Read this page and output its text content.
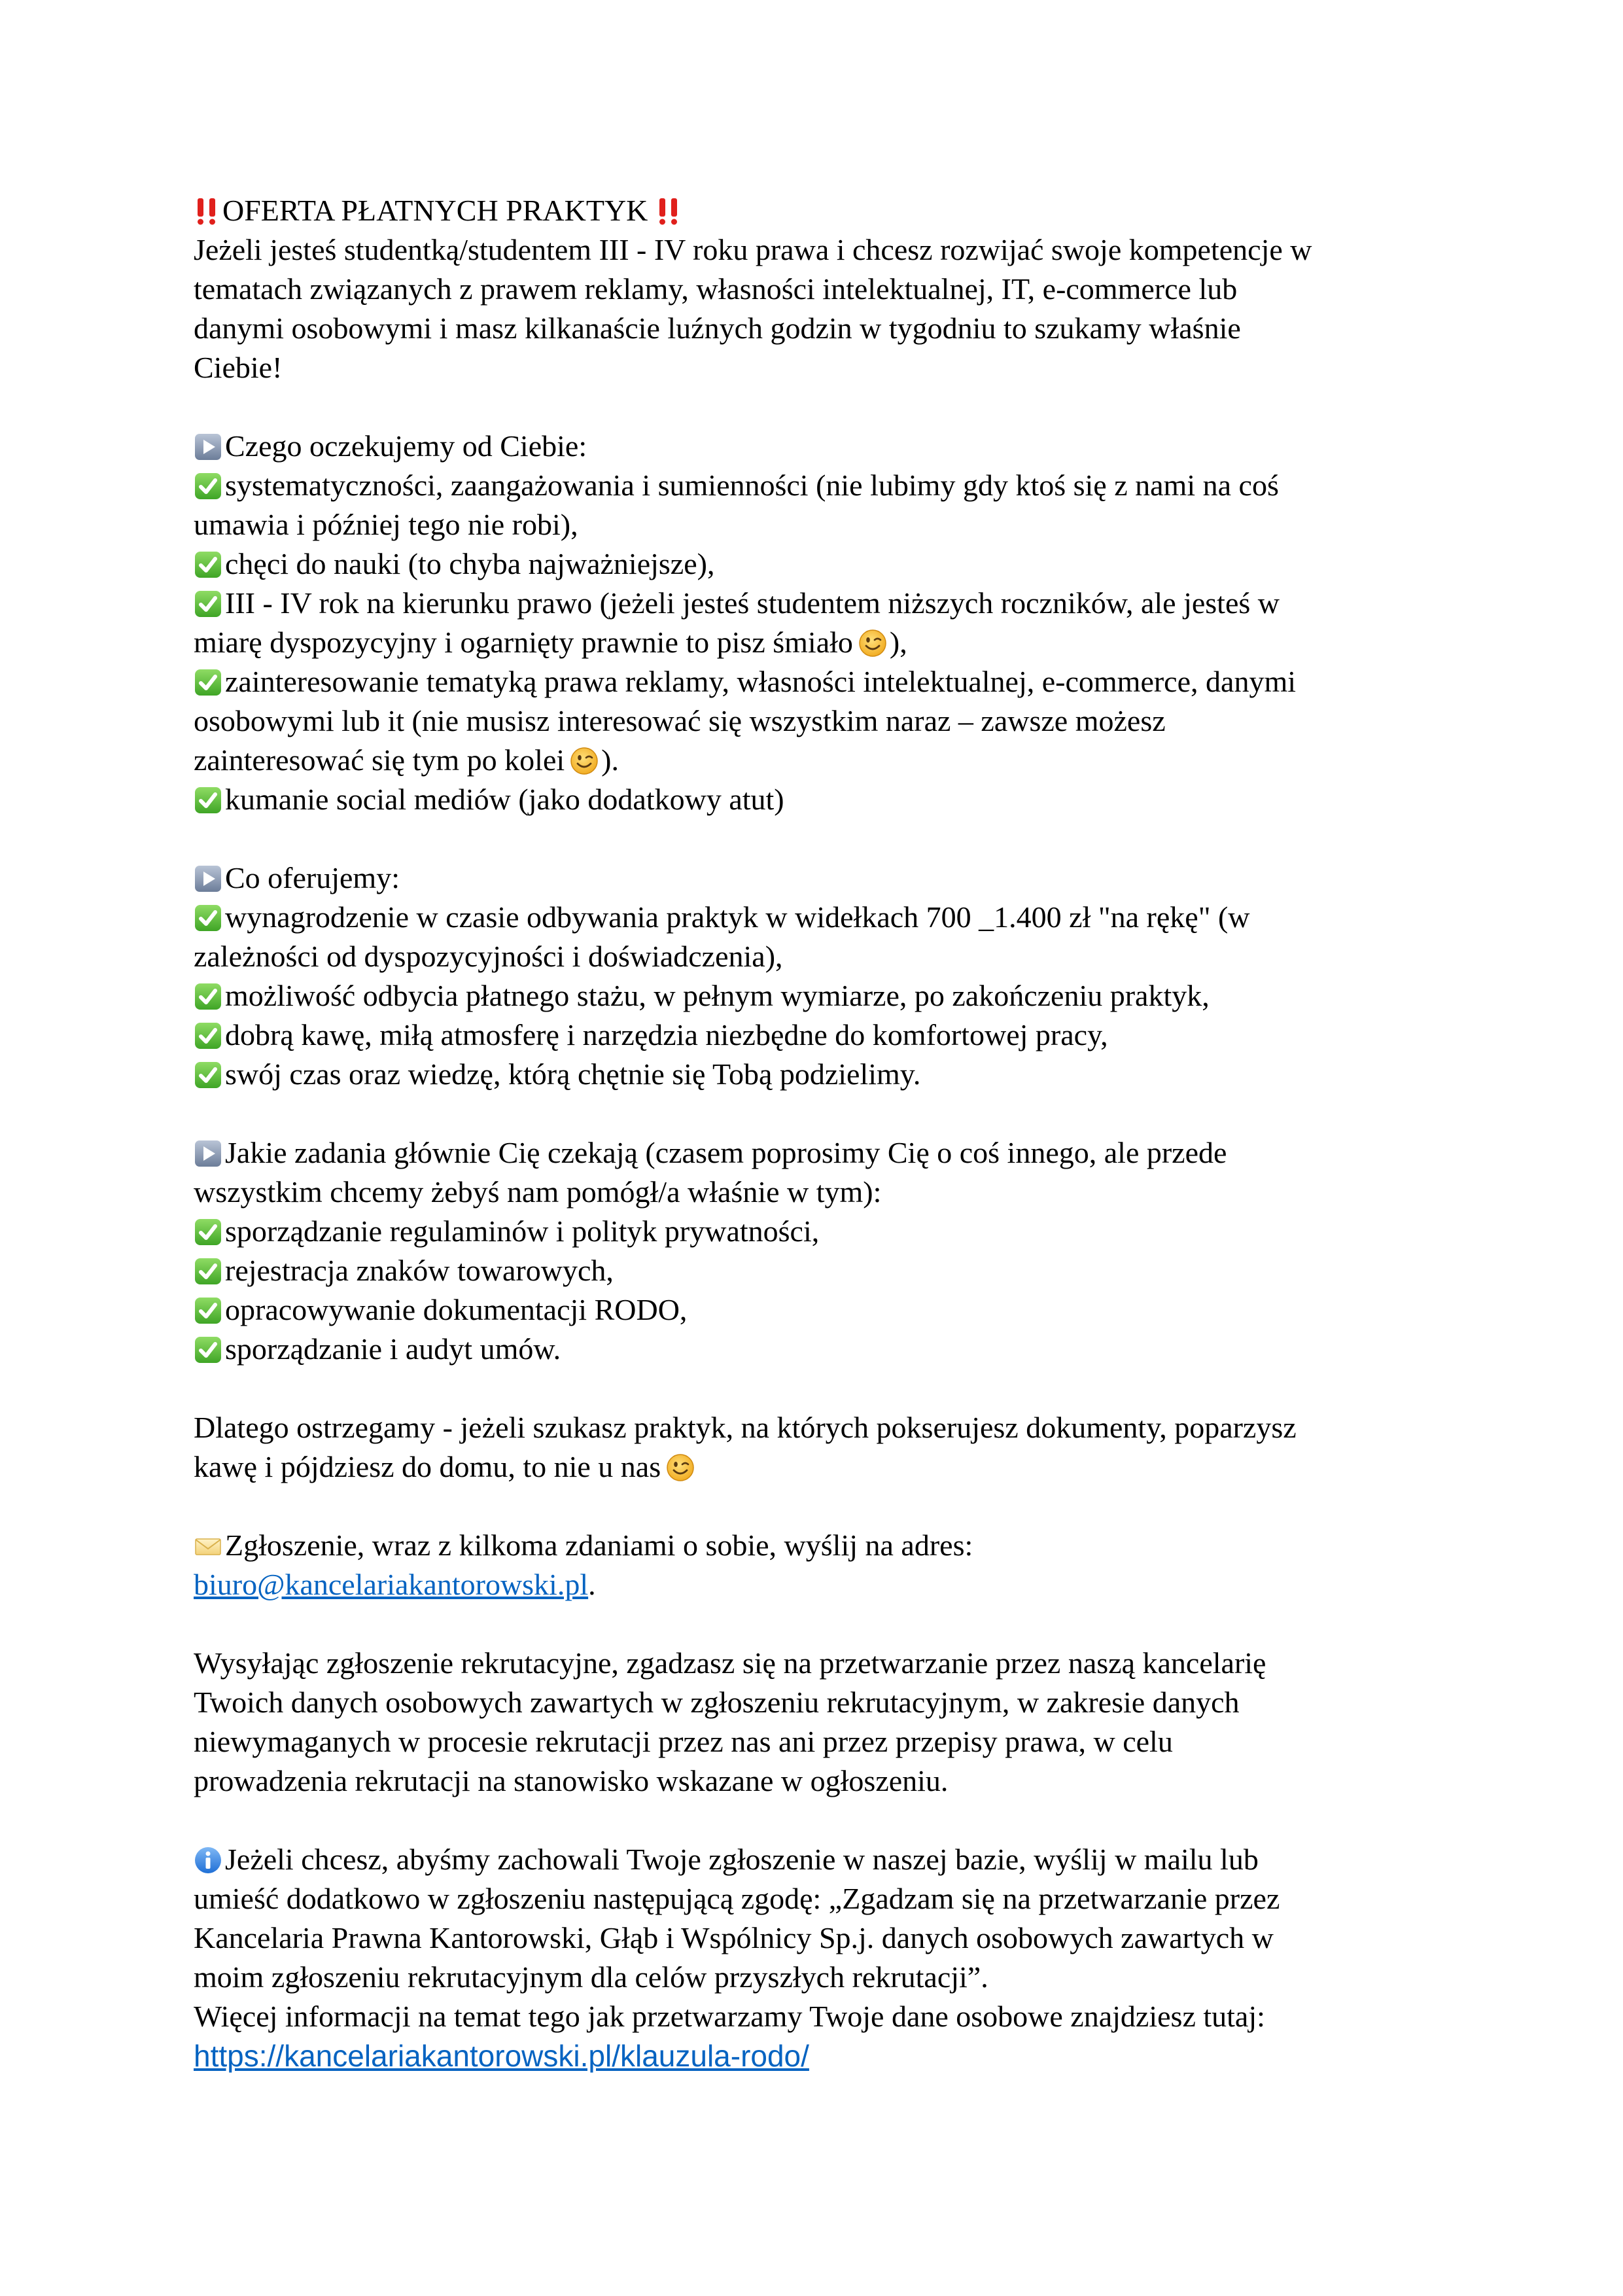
OFERTA PŁATNYCH PRAKTYK
Jeżeli jesteś studentką/studentem III - IV roku prawa i chcesz rozwijać swoje kompetencje w
tematach związanych z prawem reklamy, własności intelektualnej, IT, e-commerce lub
danymi osobowymi i masz kilkanaście luźnych godzin w tygodniu to szukamy właśnie
Ciebie!
Czego oczekujemy od Ciebie:
systematyczności, zaangażowania i sumienności (nie lubimy gdy ktoś się z nami na coś
umawia i później tego nie robi),
chęci do nauki (to chyba najważniejsze),
III - IV rok na kierunku prawo (jeżeli jesteś studentem niższych roczników, ale jesteś w
miarę dyspozycyjny i ogarnięty prawnie to pisz śmiało ),
zainteresowanie tematyką prawa reklamy, własności intelektualnej, e-commerce, danymi
osobowymi lub it (nie musisz interesować się wszystkim naraz – zawsze możesz
zainteresować się tym po kolei ).
kumanie social mediów (jako dodatkowy atut)
Co oferujemy:
wynagrodzenie w czasie odbywania praktyk w widełkach 700 _1.400 zł "na rękę" (w
zależności od dyspozycyjności i doświadczenia),
możliwość odbycia płatnego stażu, w pełnym wymiarze, po zakończeniu praktyk,
dobrą kawę, miłą atmosferę i narzędzia niezbędne do komfortowej pracy,
swój czas oraz wiedzę, którą chętnie się Tobą podzielimy.
Jakie zadania głównie Cię czekają (czasem poprosimy Cię o coś innego, ale przede
wszystkim chcemy żebyś nam pomógł/a właśnie w tym):
sporządzanie regulaminów i polityk prywatności,
rejestracja znaków towarowych,
opracowywanie dokumentacji RODO,
sporządzanie i audyt umów.
Dlatego ostrzegamy - jeżeli szukasz praktyk, na których pokserujesz dokumenty, poparzysz
kawę i pójdziesz do domu, to nie u nas
Zgłoszenie, wraz z kilkoma zdaniami o sobie, wyślij na adres:
biuro@kancelariakantorowski.pl.
Wysyłając zgłoszenie rekrutacyjne, zgadzasz się na przetwarzanie przez naszą kancelarię
Twoich danych osobowych zawartych w zgłoszeniu rekrutacyjnym, w zakresie danych
niewymaganych w procesie rekrutacji przez nas ani przez przepisy prawa, w celu
prowadzenia rekrutacji na stanowisko wskazane w ogłoszeniu.
Jeżeli chcesz, abyśmy zachowali Twoje zgłoszenie w naszej bazie, wyślij w mailu lub
umieść dodatkowo w zgłoszeniu następującą zgodę: „Zgadzam się na przetwarzanie przez
Kancelaria Prawna Kantorowski, Głąb i Wspólnicy Sp.j. danych osobowych zawartych w
moim zgłoszeniu rekrutacyjnym dla celów przyszłych rekrutacji”.
Więcej informacji na temat tego jak przetwarzamy Twoje dane osobowe znajdziesz tutaj:
https://kancelariakantorowski.pl/klauzula-rodo/
